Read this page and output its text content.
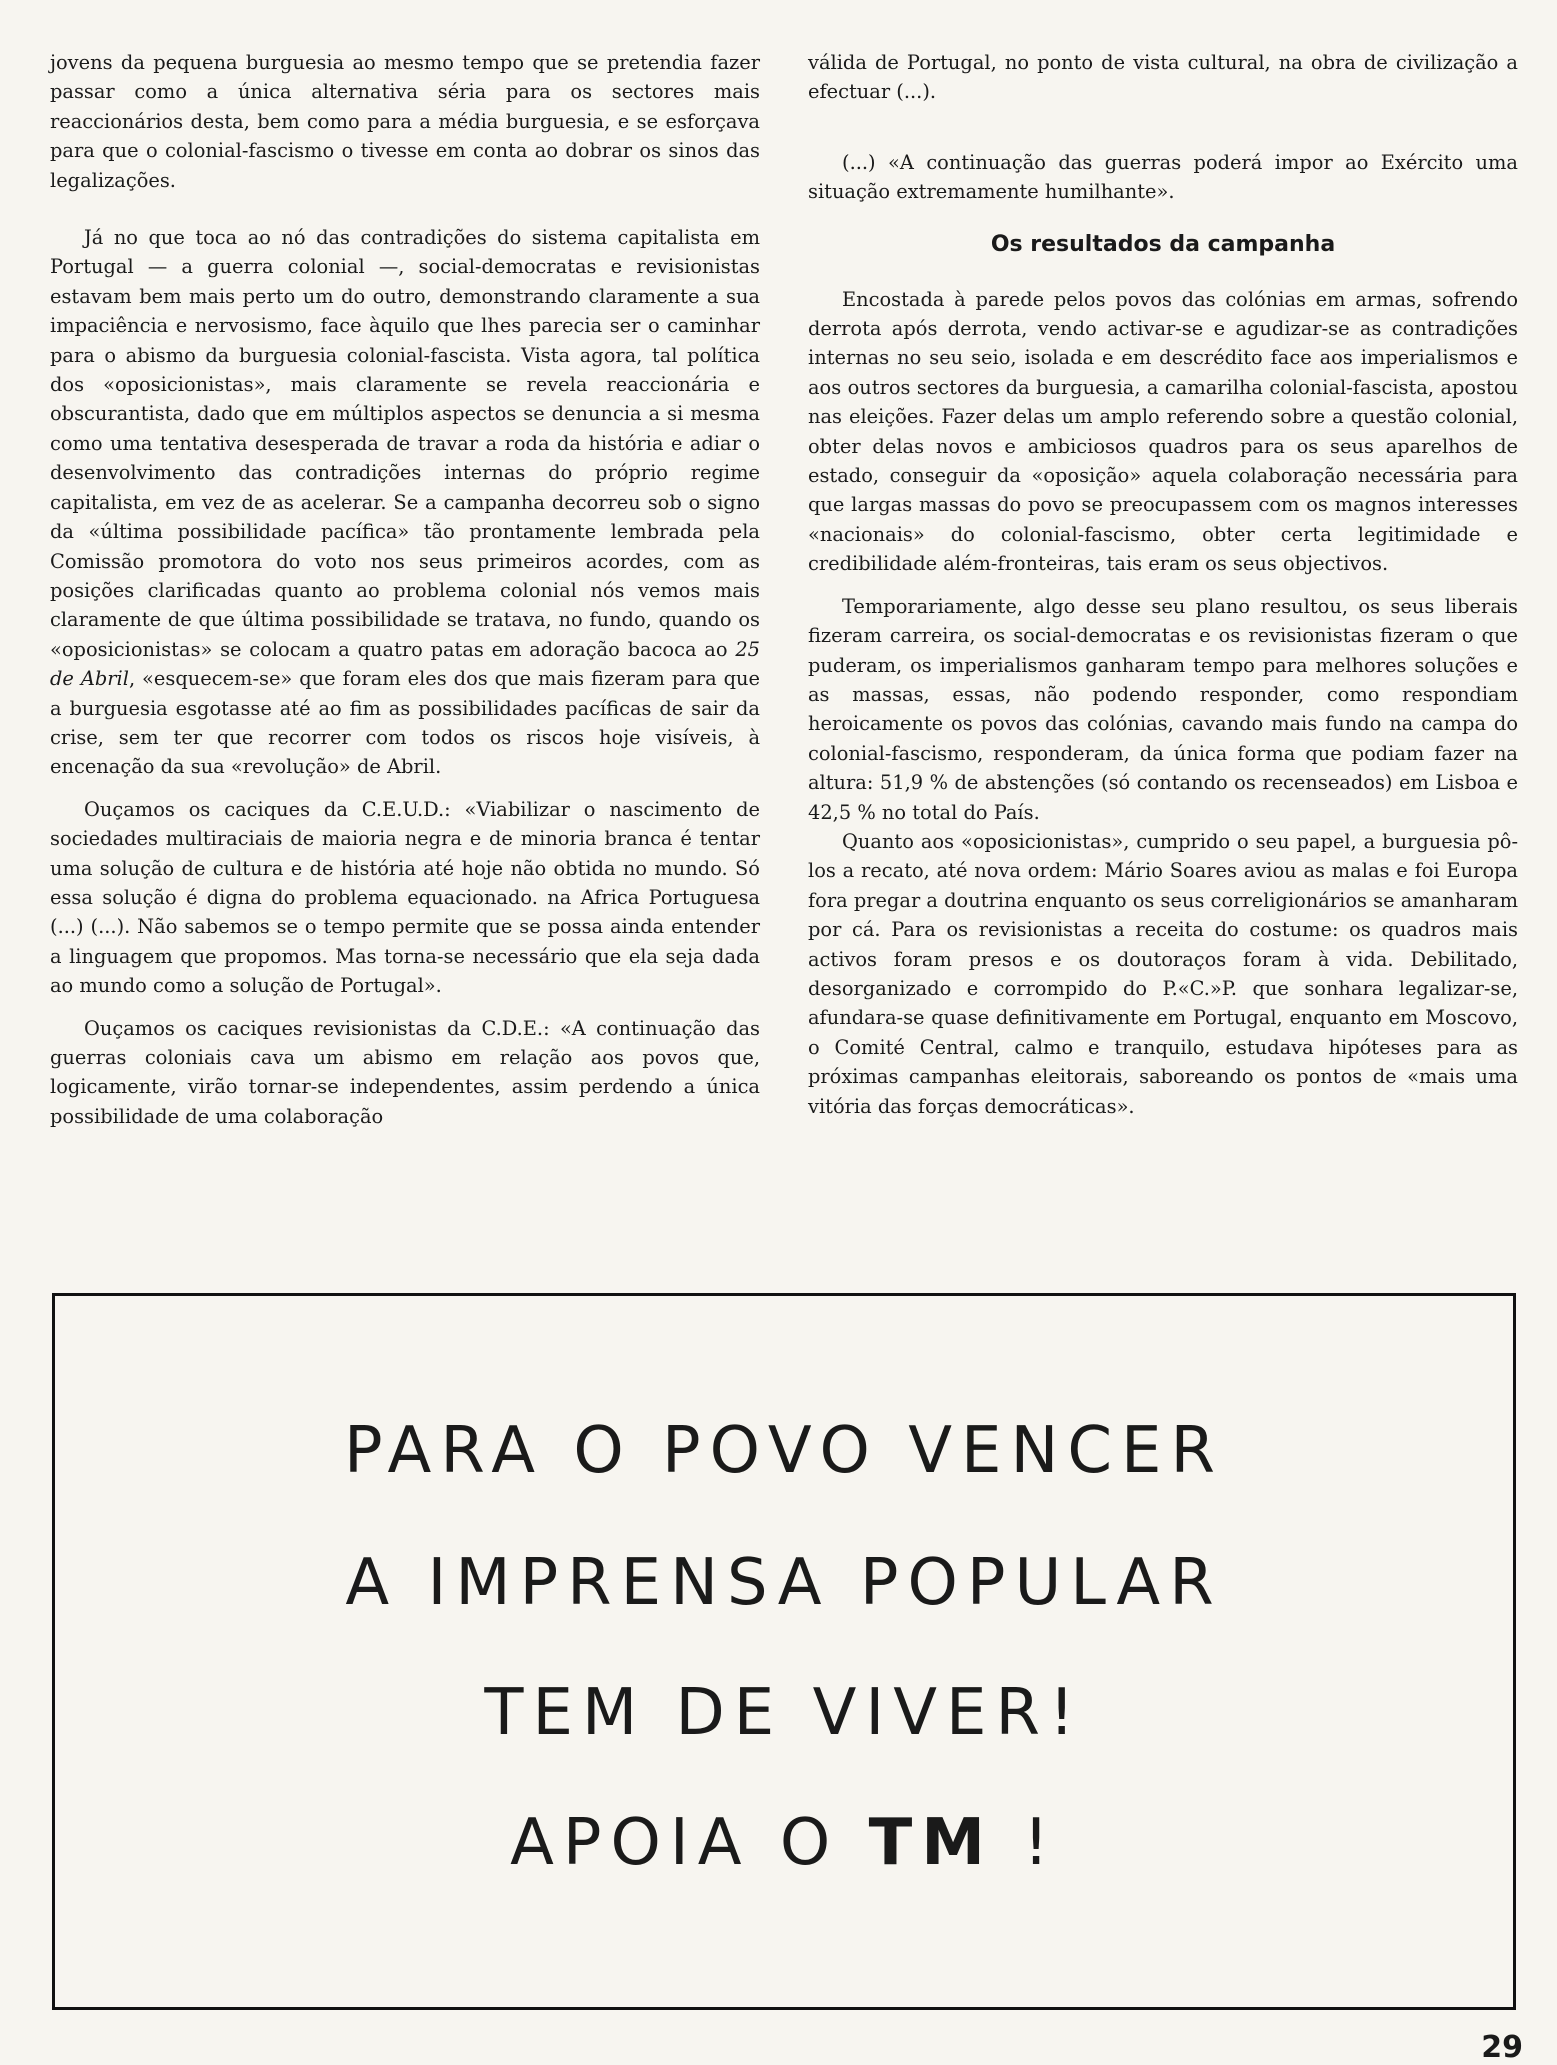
jovens da pequena burguesia ao mesmo tempo que se pretendia fazer passar como a única alternativa séria para os sectores mais reaccionários desta, bem como para a média burguesia, e se esforçava para que o colonial-fascismo o tivesse em conta ao dobrar os sinos das legalizações.

Já no que toca ao nó das contradições do sistema capitalista em Portugal — a guerra colonial —, social-democratas e revisionistas estavam bem mais perto um do outro, demonstrando claramente a sua impaciência e nervosismo, face àquilo que lhes parecia ser o caminhar para o abismo da burguesia colonial-fascista. Vista agora, tal política dos «oposicionistas», mais claramente se revela reaccionária e obscurantista, dado que em múltiplos aspectos se denuncia a si mesma como uma tentativa desesperada de travar a roda da história e adiar o desenvolvimento das contradições internas do próprio regime capitalista, em vez de as acelerar. Se a campanha decorreu sob o signo da «última possibilidade pacífica» tão prontamente lembrada pela Comissão promotora do voto nos seus primeiros acordes, com as posições clarificadas quanto ao problema colonial nós vemos mais claramente de que última possibilidade se tratava, no fundo, quando os «oposicionistas» se colocam a quatro patas em adoração bacoca ao 25 de Abril, «esquecem-se» que foram eles dos que mais fizeram para que a burguesia esgotasse até ao fim as possibilidades pacíficas de sair da crise, sem ter que recorrer com todos os riscos hoje visíveis, à encenação da sua «revolução» de Abril.

Ouçamos os caciques da C.E.U.D.: «Viabilizar o nascimento de sociedades multiraciais de maioria negra e de minoria branca é tentar uma solução de cultura e de história até hoje não obtida no mundo. Só essa solução é digna do problema equacionado. na Africa Portuguesa (...) (...). Não sabemos se o tempo permite que se possa ainda entender a linguagem que propomos. Mas torna-se necessário que ela seja dada ao mundo como a solução de Portugal».

Ouçamos os caciques revisionistas da C.D.E.: «A continuação das guerras coloniais cava um abismo em relação aos povos que, logicamente, virão tornar-se independentes, assim perdendo a única possibilidade de uma colaboração

válida de Portugal, no ponto de vista cultural, na obra de civilização a efectuar (...).

(...) «A continuação das guerras poderá impor ao Exército uma situação extremamente humilhante».

Os resultados da campanha

Encostada à parede pelos povos das colónias em armas, sofrendo derrota após derrota, vendo activar-se e agudizar-se as contradições internas no seu seio, isolada e em descrédito face aos imperialismos e aos outros sectores da burguesia, a camarilha colonial-fascista, apostou nas eleições. Fazer delas um amplo referendo sobre a questão colonial, obter delas novos e ambiciosos quadros para os seus aparelhos de estado, conseguir da «oposição» aquela colaboração necessária para que largas massas do povo se preocupassem com os magnos interesses «nacionais» do colonial-fascismo, obter certa legitimidade e credibilidade além-fronteiras, tais eram os seus objectivos.

Temporariamente, algo desse seu plano resultou, os seus liberais fizeram carreira, os social-democratas e os revisionistas fizeram o que puderam, os imperialismos ganharam tempo para melhores soluções e as massas, essas, não podendo responder, como respondiam heroicamente os povos das colónias, cavando mais fundo na campa do colonial-fascismo, responderam, da única forma que podiam fazer na altura: 51,9 % de abstenções (só contando os recenseados) em Lisboa e 42,5 % no total do País.

Quanto aos «oposicionistas», cumprido o seu papel, a burguesia pô-los a recato, até nova ordem: Mário Soares aviou as malas e foi Europa fora pregar a doutrina enquanto os seus correligionários se amanharam por cá. Para os revisionistas a receita do costume: os quadros mais activos foram presos e os doutoraços foram à vida. Debilitado, desorganizado e corrompido do P.«C.»P. que sonhara legalizar-se, afundara-se quase definitivamente em Portugal, enquanto em Moscovo, o Comité Central, calmo e tranquilo, estudava hipóteses para as próximas campanhas eleitorais, saboreando os pontos de «mais uma vitória das forças democráticas».

PARA O POVO VENCER
A IMPRENSA POPULAR
TEM DE VIVER!
APOIA O TM !
29
